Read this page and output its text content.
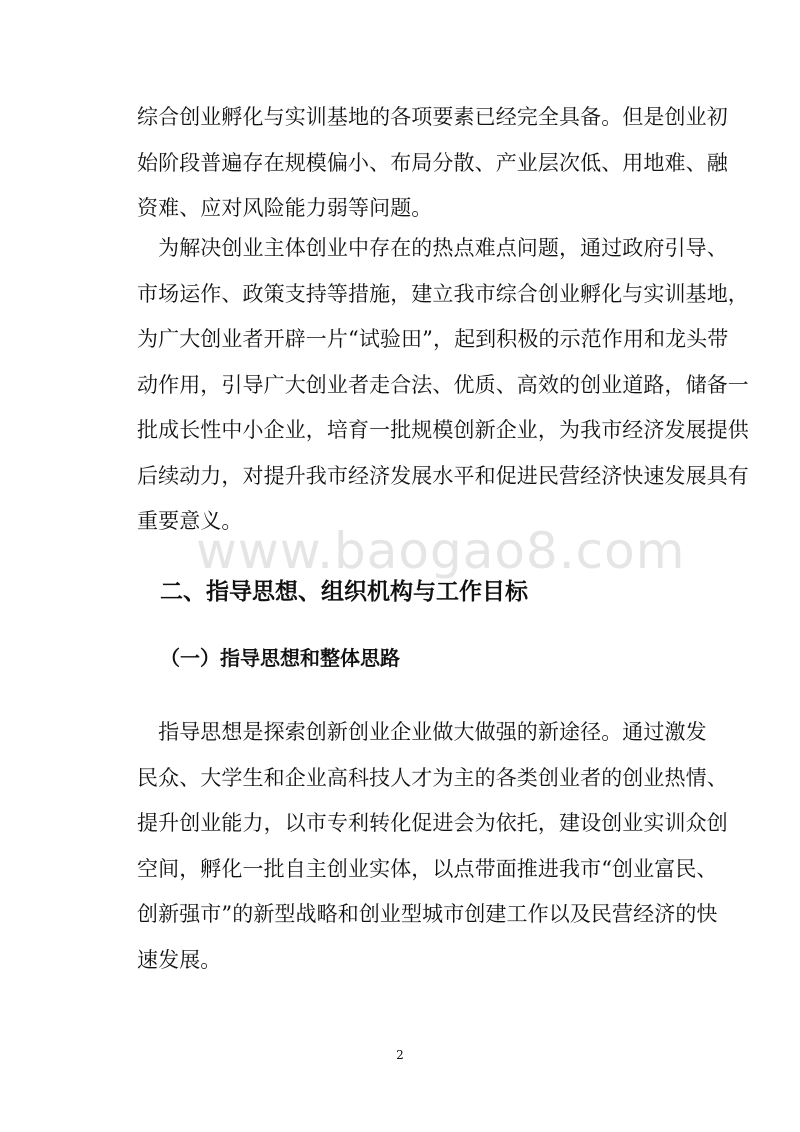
综合创业孵化与实训基地的各项要素已经完全具备。但是创业初
始阶段普遍存在规模偏小、布局分散、产业层次低、用地难、融
资难、应对风险能力弱等问题。

　为解决创业主体创业中存在的热点难点问题，通过政府引导、
市场运作、政策支持等措施，建立我市综合创业孵化与实训基地，
为广大创业者开辟一片“试验田”，起到积极的示范作用和龙头带
动作用，引导广大创业者走合法、优质、高效的创业道路，储备一
批成长性中小企业，培育一批规模创新企业，为我市经济发展提供
后续动力，对提升我市经济发展水平和促进民营经济快速发展具有
重要意义。

www.baogao8.com
二、指导思想、组织机构与工作目标
（一）指导思想和整体思路

　指导思想是探索创新创业企业做大做强的新途径。通过激发
民众、大学生和企业高科技人才为主的各类创业者的创业热情、
提升创业能力，以市专利转化促进会为依托，建设创业实训众创
空间，孵化一批自主创业实体，以点带面推进我市“创业富民、
创新强市”的新型战略和创业型城市创建工作以及民营经济的快
速发展。

2
